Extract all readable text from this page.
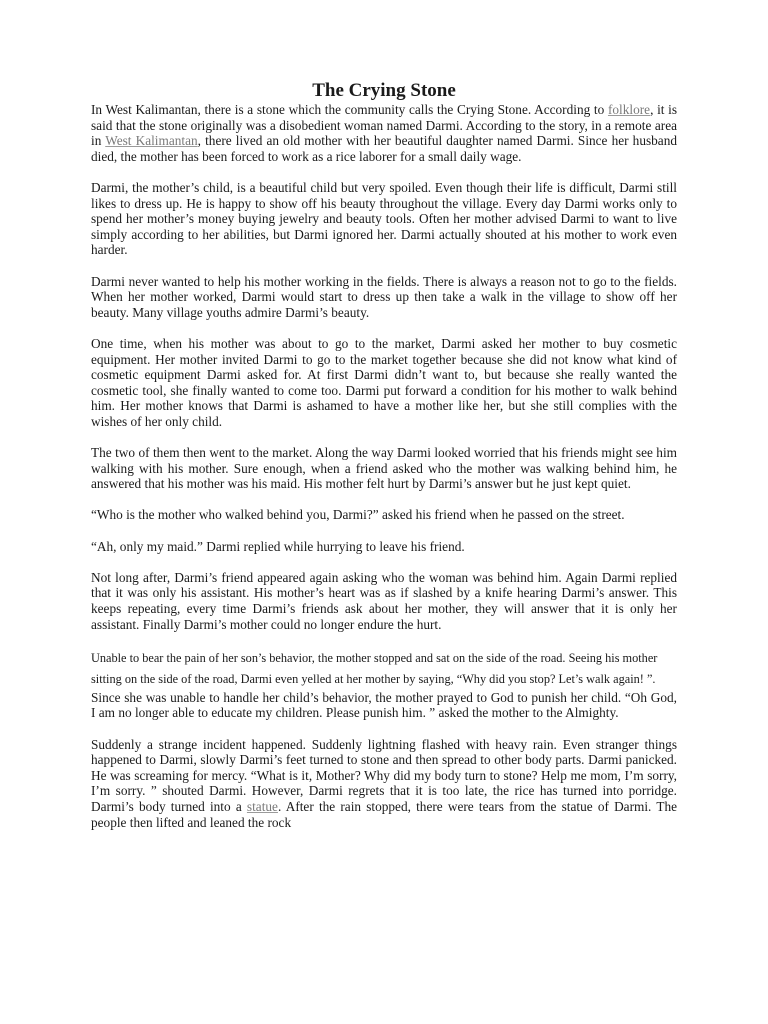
The Crying Stone

In West Kalimantan, there is a stone which the community calls the Crying Stone. According to folklore, it is said that the stone originally was a disobedient woman named Darmi. According to the story, in a remote area in West Kalimantan, there lived an old mother with her beautiful daughter named Darmi. Since her husband died, the mother has been forced to work as a rice laborer for a small daily wage.

Darmi, the mother’s child, is a beautiful child but very spoiled. Even though their life is difficult, Darmi still likes to dress up. He is happy to show off his beauty throughout the village. Every day Darmi works only to spend her mother’s money buying jewelry and beauty tools. Often her mother advised Darmi to want to live simply according to her abilities, but Darmi ignored her. Darmi actually shouted at his mother to work even harder.

Darmi never wanted to help his mother working in the fields. There is always a reason not to go to the fields. When her mother worked, Darmi would start to dress up then take a walk in the village to show off her beauty. Many village youths admire Darmi’s beauty.

One time, when his mother was about to go to the market, Darmi asked her mother to buy cosmetic equipment. Her mother invited Darmi to go to the market together because she did not know what kind of cosmetic equipment Darmi asked for. At first Darmi didn’t want to, but because she really wanted the cosmetic tool, she finally wanted to come too. Darmi put forward a condition for his mother to walk behind him. Her mother knows that Darmi is ashamed to have a mother like her, but she still complies with the wishes of her only child.

The two of them then went to the market. Along the way Darmi looked worried that his friends might see him walking with his mother. Sure enough, when a friend asked who the mother was walking behind him, he answered that his mother was his maid. His mother felt hurt by Darmi’s answer but he just kept quiet.

“Who is the mother who walked behind you, Darmi?” asked his friend when he passed on the street.

“Ah, only my maid.” Darmi replied while hurrying to leave his friend.

Not long after, Darmi’s friend appeared again asking who the woman was behind him. Again Darmi replied that it was only his assistant. His mother’s heart was as if slashed by a knife hearing Darmi’s answer. This keeps repeating, every time Darmi’s friends ask about her mother, they will answer that it is only her assistant. Finally Darmi’s mother could no longer endure the hurt.

Unable to bear the pain of her son’s behavior, the mother stopped and sat on the side of the road. Seeing his mother sitting on the side of the road, Darmi even yelled at her mother by saying, “Why did you stop? Let’s walk again! ”.

Since she was unable to handle her child’s behavior, the mother prayed to God to punish her child. “Oh God, I am no longer able to educate my children. Please punish him. ” asked the mother to the Almighty.

Suddenly a strange incident happened. Suddenly lightning flashed with heavy rain. Even stranger things happened to Darmi, slowly Darmi’s feet turned to stone and then spread to other body parts. Darmi panicked. He was screaming for mercy. “What is it, Mother? Why did my body turn to stone? Help me mom, I’m sorry, I’m sorry. ” shouted Darmi. However, Darmi regrets that it is too late, the rice has turned into porridge. Darmi’s body turned into a statue. After the rain stopped, there were tears from the statue of Darmi. The people then lifted and leaned the rock
